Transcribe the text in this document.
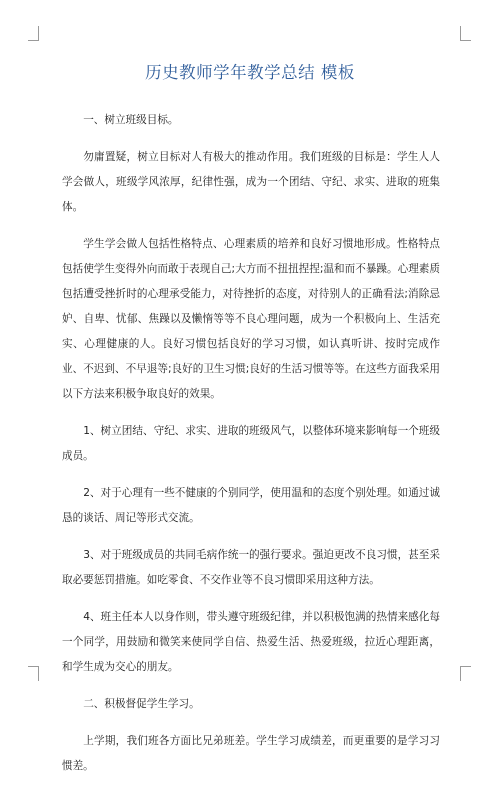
历史教师学年教学总结 模板

一、树立班级目标。

勿庸置疑，树立目标对人有极大的推动作用。我们班级的目标是：学生人人学会做人，班级学风浓厚，纪律性强，成为一个团结、守纪、求实、进取的班集体。

学生学会做人包括性格特点、心理素质的培养和良好习惯地形成。性格特点包括使学生变得外向而敢于表现自己;大方而不扭扭捏捏;温和而不暴躁。心理素质包括遭受挫折时的心理承受能力，对待挫折的态度，对待别人的正确看法;消除忌妒、自卑、忧郁、焦躁以及懒惰等等不良心理问题，成为一个积极向上、生活充实、心理健康的人。良好习惯包括良好的学习习惯，如认真听讲、按时完成作业、不迟到、不早退等;良好的卫生习惯;良好的生活习惯等等。在这些方面我采用以下方法来积极争取良好的效果。

1、树立团结、守纪、求实、进取的班级风气，以整体环境来影响每一个班级成员。

2、对于心理有一些不健康的个别同学，使用温和的态度个别处理。如通过诚恳的谈话、周记等形式交流。

3、对于班级成员的共同毛病作统一的强行要求。强迫更改不良习惯，甚至采取必要惩罚措施。如吃零食、不交作业等不良习惯即采用这种方法。

4、班主任本人以身作则，带头遵守班级纪律，并以积极饱满的热情来感化每一个同学，用鼓励和微笑来使同学自信、热爱生活、热爱班级，拉近心理距离，和学生成为交心的朋友。

二、积极督促学生学习。

上学期，我们班各方面比兄弟班差。学生学习成绩差，而更重要的是学习习惯差。
